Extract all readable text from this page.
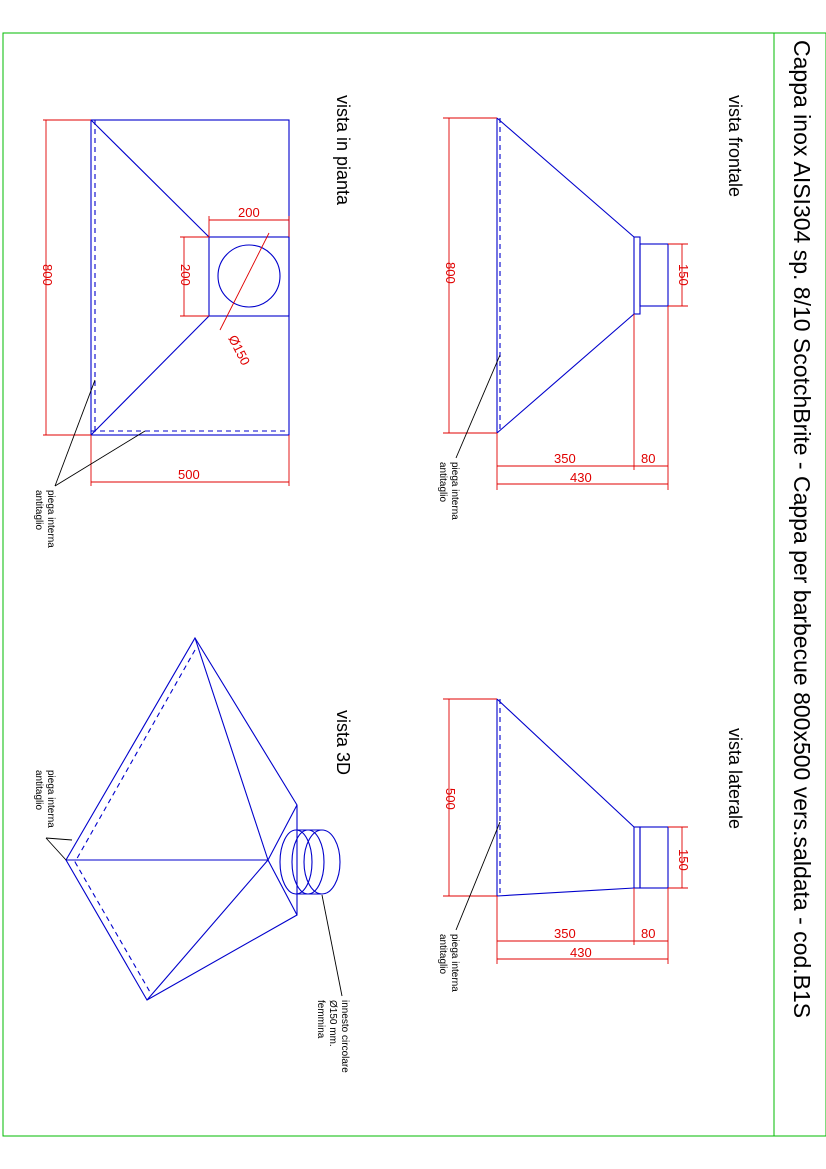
Cappa inox AISI304 sp. 8/10 ScotchBrite - Cappa per barbecue 800x500 vers.saldata - cod.B1S
vista frontale
800	150
350	80
430
piega interna
antitaglio
vista in pianta
800
500
200
200
Ø150
piega interna
antitaglio
vista laterale
500
150
350	80
430
piega interna
antitaglio
vista 3D
piega interna
antitaglio
innesto circolare
Ø150 mm.
femmina
